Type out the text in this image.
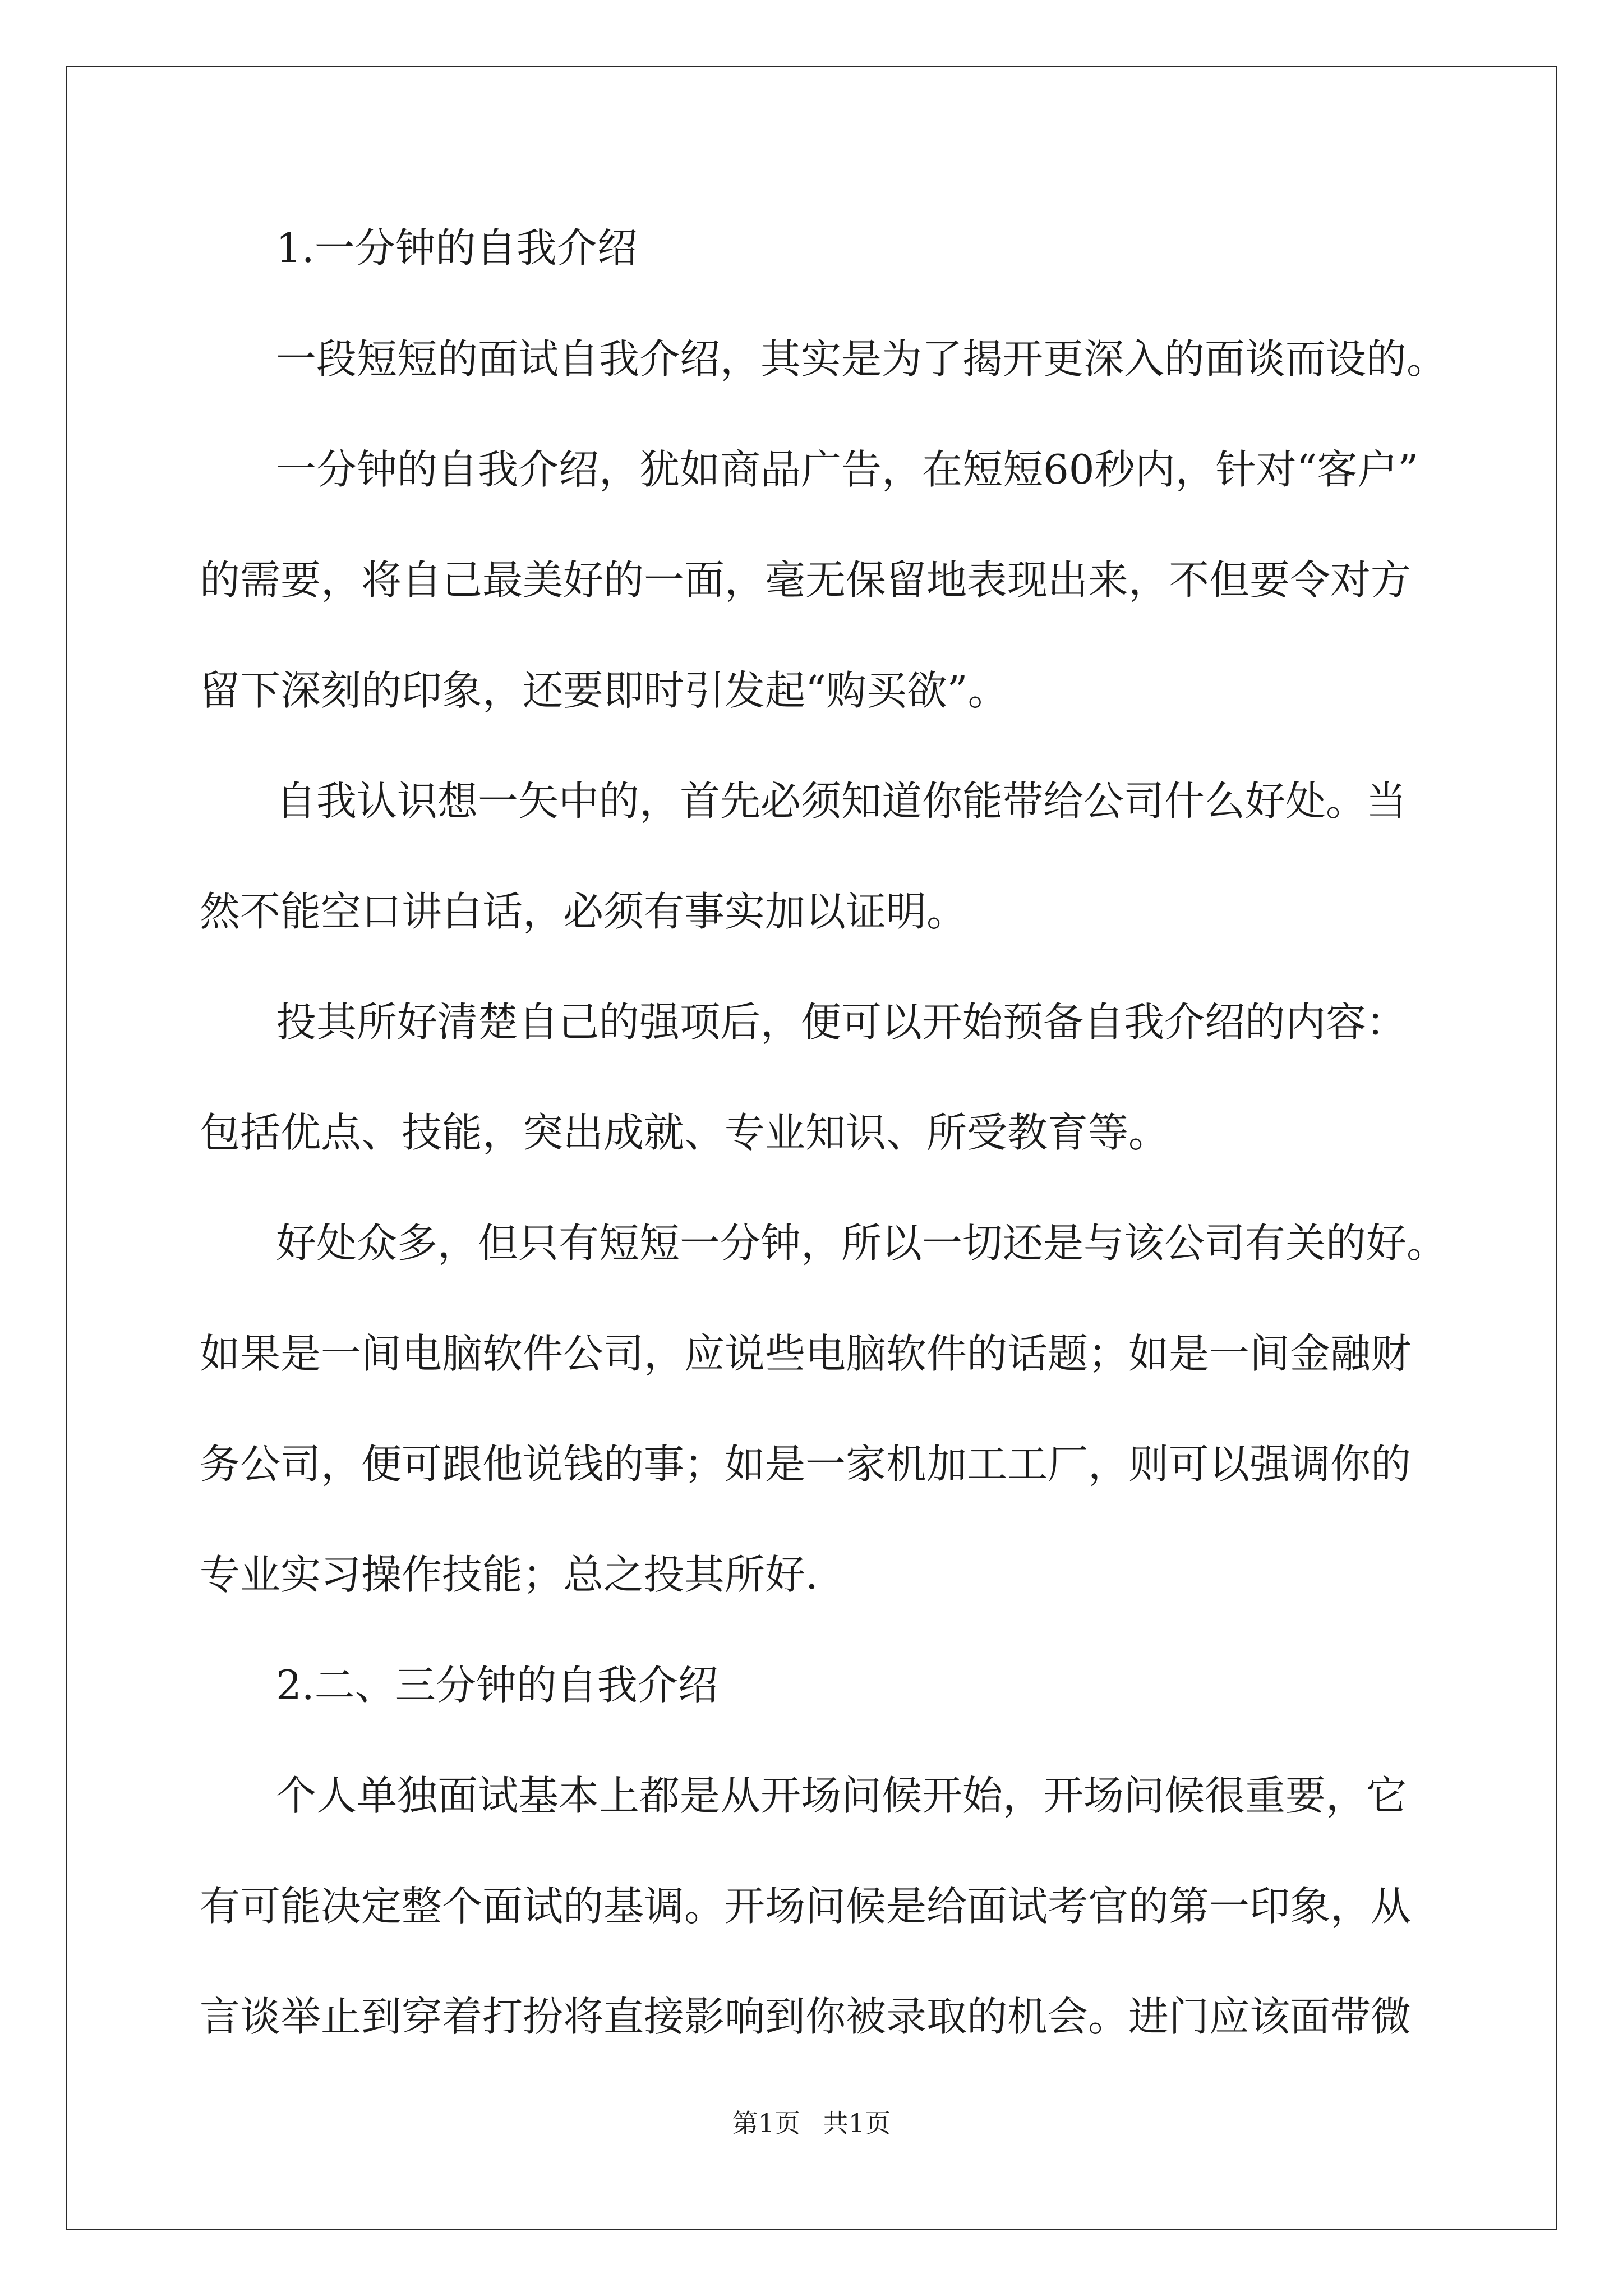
1.一分钟的自我介绍

一段短短的面试自我介绍，其实是为了揭开更深入的面谈而设的。

一分钟的自我介绍，犹如商品广告，在短短60秒内，针对“客户”

的需要，将自己最美好的一面，毫无保留地表现出来，不但要令对方

留下深刻的印象，还要即时引发起“购买欲”。

自我认识想一矢中的，首先必须知道你能带给公司什么好处。当

然不能空口讲白话，必须有事实加以证明。

投其所好清楚自己的强项后，便可以开始预备自我介绍的内容：

包括优点、技能，突出成就、专业知识、所受教育等。

好处众多，但只有短短一分钟，所以一切还是与该公司有关的好。

如果是一间电脑软件公司，应说些电脑软件的话题；如是一间金融财

务公司，便可跟他说钱的事；如是一家机加工工厂，则可以强调你的

专业实习操作技能；总之投其所好.

2.二、三分钟的自我介绍

个人单独面试基本上都是从开场问候开始，开场问候很重要，它

有可能决定整个面试的基调。开场问候是给面试考官的第一印象，从

言谈举止到穿着打扮将直接影响到你被录取的机会。进门应该面带微

第1页 共1页
